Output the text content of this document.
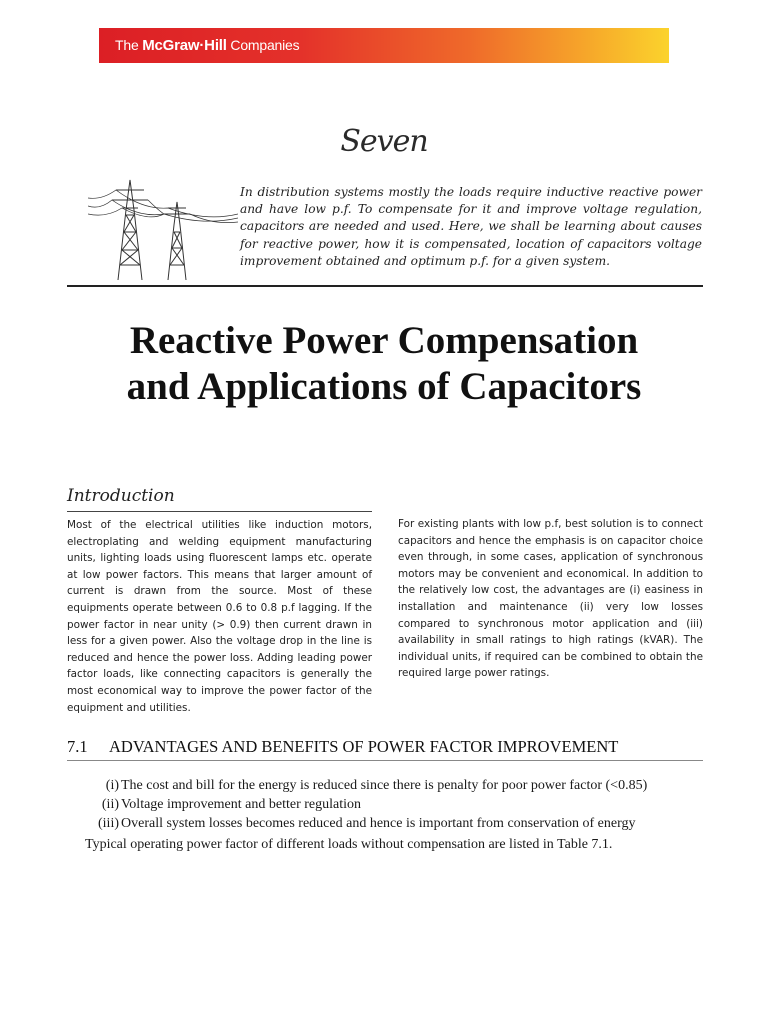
The McGraw·Hill Companies
Seven
In distribution systems mostly the loads require inductive reactive power and have low p.f. To compensate for it and improve voltage regulation, capacitors are needed and used. Here, we shall be learning about causes for reactive power, how it is compensated, location of capacitors voltage improvement obtained and optimum p.f. for a given system.
Reactive Power Compensation
and Applications of Capacitors
Introduction
Most of the electrical utilities like induction motors, electroplating and welding equipment manufacturing units, lighting loads using fluorescent lamps etc. operate at low power factors. This means that larger amount of current is drawn from the source. Most of these equipments operate between 0.6 to 0.8 p.f lagging. If the power factor in near unity (> 0.9) then current drawn in less for a given power. Also the voltage drop in the line is reduced and hence the power loss. Adding leading power factor loads, like connecting capacitors is generally the most economical way to improve the power factor of the equipment and utilities.
For existing plants with low p.f, best solution is to connect capacitors and hence the emphasis is on capacitor choice even through, in some cases, application of synchronous motors may be convenient and economical. In addition to the relatively low cost, the advantages are (i) easiness in installation and maintenance (ii) very low losses compared to synchronous motor application and (iii) availability in small ratings to high ratings (kVAR). The individual units, if required can be combined to obtain the required large power ratings.
7.1 ADVANTAGES AND BENEFITS OF POWER FACTOR IMPROVEMENT
(i) The cost and bill for the energy is reduced since there is penalty for poor power factor (<0.85)
(ii) Voltage improvement and better regulation
(iii) Overall system losses becomes reduced and hence is important from conservation of energy
Typical operating power factor of different loads without compensation are listed in Table 7.1.
